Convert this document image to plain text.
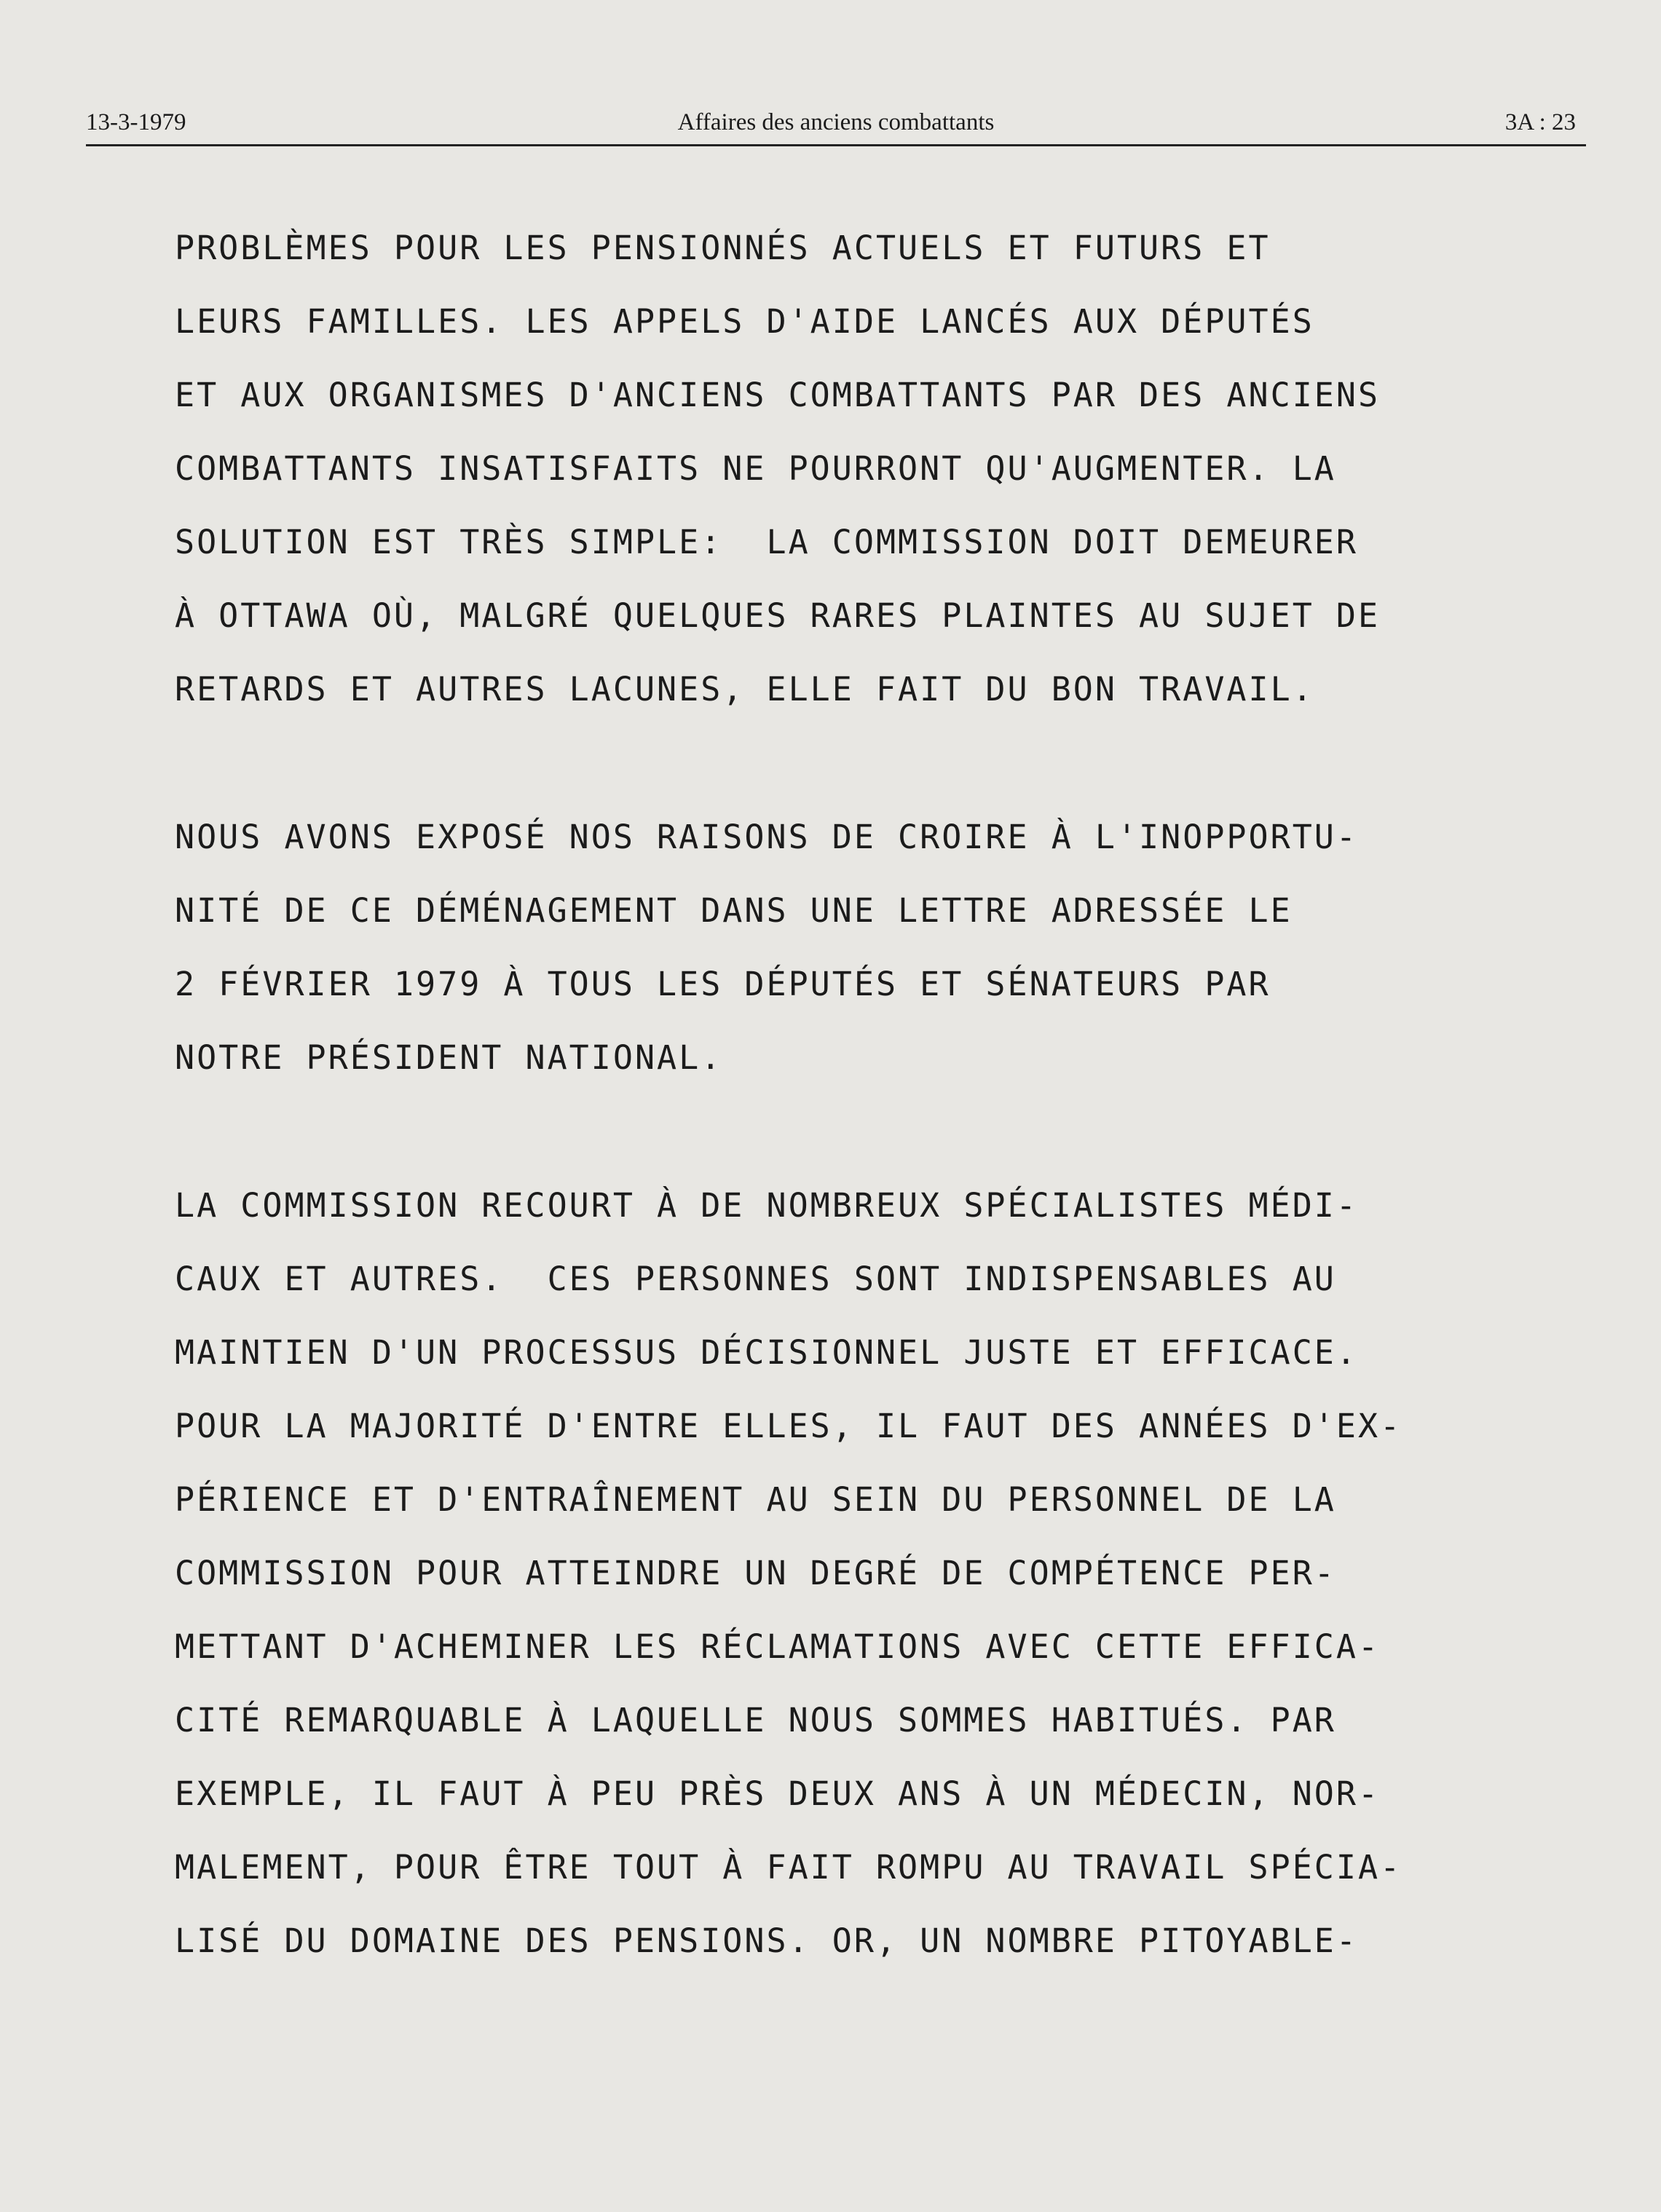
Affaires des anciens combattants
13-3-1979	3A : 23
PROBLÈMES POUR LES PENSIONNÉS ACTUELS ET FUTURS ET
LEURS FAMILLES. LES APPELS D'AIDE LANCÉS AUX DÉPUTÉS
ET AUX ORGANISMES D'ANCIENS COMBATTANTS PAR DES ANCIENS
COMBATTANTS INSATISFAITS NE POURRONT QU'AUGMENTER. LA
SOLUTION EST TRÈS SIMPLE:  LA COMMISSION DOIT DEMEURER
À OTTAWA OÙ, MALGRÉ QUELQUES RARES PLAINTES AU SUJET DE
RETARDS ET AUTRES LACUNES, ELLE FAIT DU BON TRAVAIL.
NOUS AVONS EXPOSÉ NOS RAISONS DE CROIRE À L'INOPPORTU-
NITÉ DE CE DÉMÉNAGEMENT DANS UNE LETTRE ADRESSÉE LE
2 FÉVRIER 1979 À TOUS LES DÉPUTÉS ET SÉNATEURS PAR
NOTRE PRÉSIDENT NATIONAL.
LA COMMISSION RECOURT À DE NOMBREUX SPÉCIALISTES MÉDI-
CAUX ET AUTRES.  CES PERSONNES SONT INDISPENSABLES AU
MAINTIEN D'UN PROCESSUS DÉCISIONNEL JUSTE ET EFFICACE.
POUR LA MAJORITÉ D'ENTRE ELLES, IL FAUT DES ANNÉES D'EX-
PÉRIENCE ET D'ENTRAÎNEMENT AU SEIN DU PERSONNEL DE LA
COMMISSION POUR ATTEINDRE UN DEGRÉ DE COMPÉTENCE PER-
METTANT D'ACHEMINER LES RÉCLAMATIONS AVEC CETTE EFFICA-
CITÉ REMARQUABLE À LAQUELLE NOUS SOMMES HABITUÉS. PAR
EXEMPLE, IL FAUT À PEU PRÈS DEUX ANS À UN MÉDECIN, NOR-
MALEMENT, POUR ÊTRE TOUT À FAIT ROMPU AU TRAVAIL SPÉCIA-
LISÉ DU DOMAINE DES PENSIONS. OR, UN NOMBRE PITOYABLE-
